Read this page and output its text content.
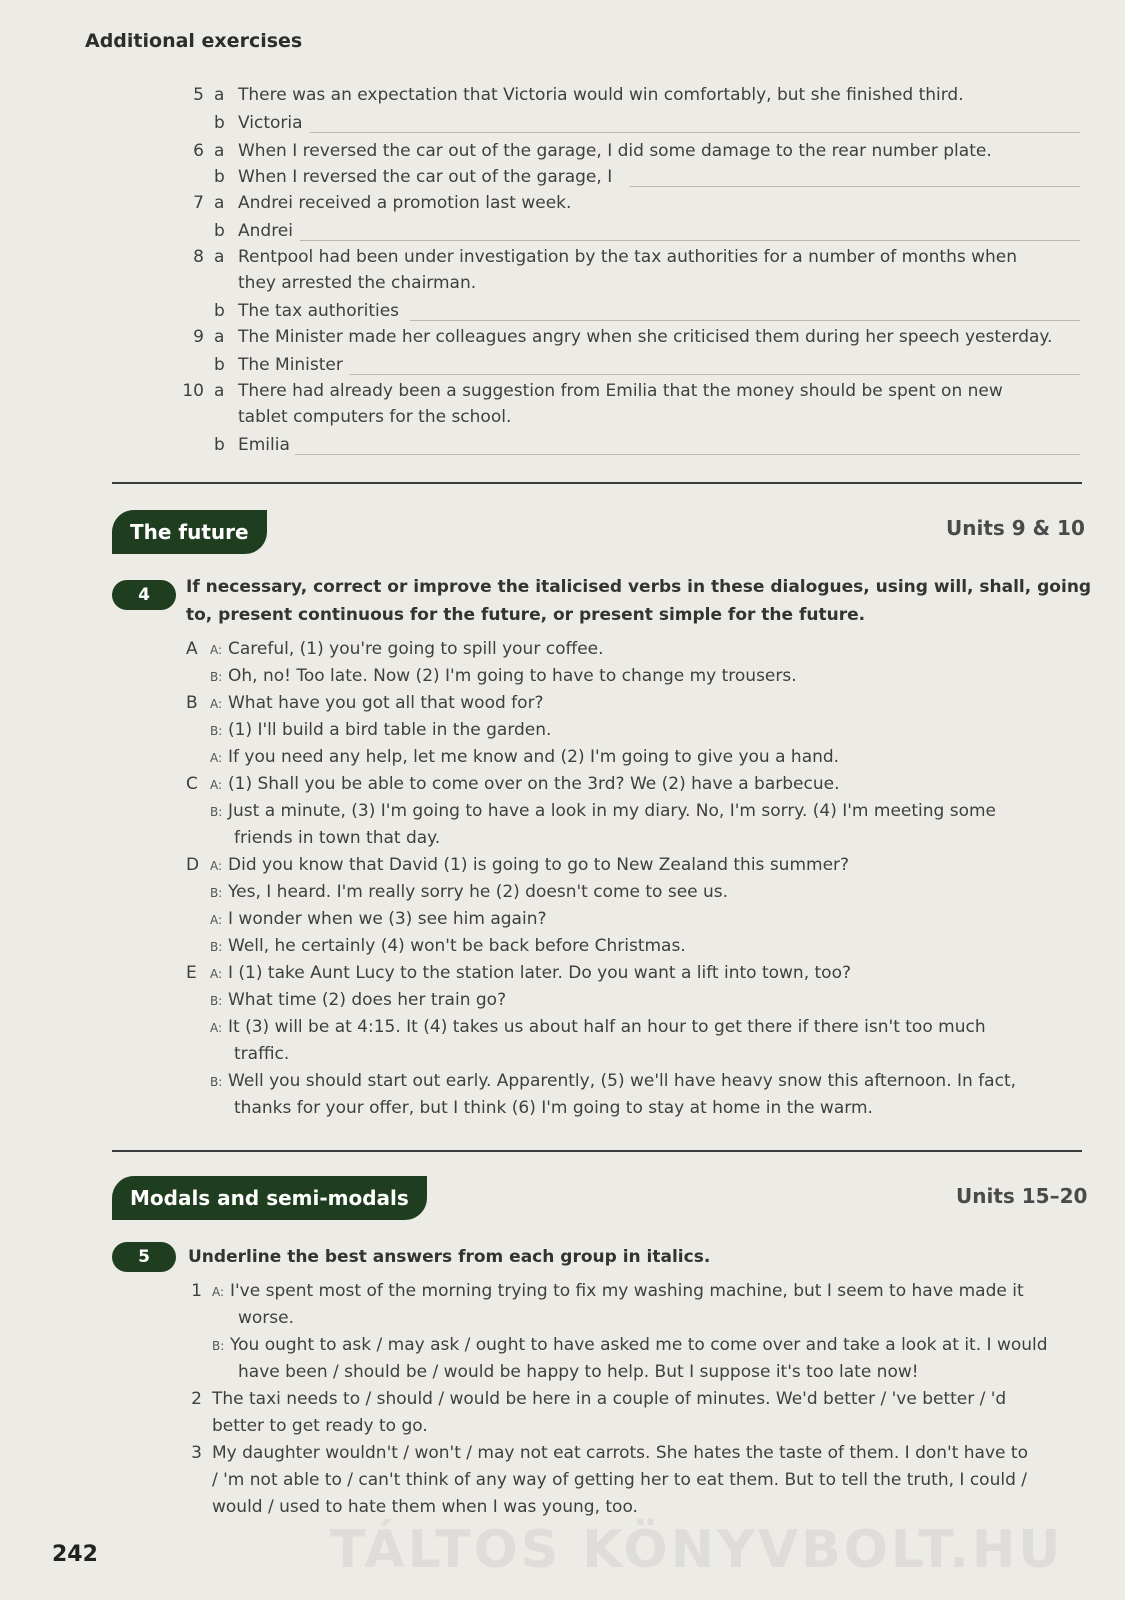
Additional exercises
5 a There was an expectation that Victoria would win comfortably, but she finished third.
b Victoria
6 a When I reversed the car out of the garage, I did some damage to the rear number plate.
b When I reversed the car out of the garage, I
7 a Andrei received a promotion last week.
b Andrei
8 a Rentpool had been under investigation by the tax authorities for a number of months when
they arrested the chairman.
b The tax authorities
9 a The Minister made her colleagues angry when she criticised them during her speech yesterday.
b The Minister
10 a There had already been a suggestion from Emilia that the money should be spent on new
tablet computers for the school.
b Emilia
The future	Units 9 & 10
4	If necessary, correct or improve the italicised verbs in these dialogues, using will, shall, going
to, present continuous for the future, or present simple for the future.
A A: Careful, (1) you're going to spill your coffee.
B: Oh, no! Too late. Now (2) I'm going to have to change my trousers.
B A: What have you got all that wood for?
B: (1) I'll build a bird table in the garden.
A: If you need any help, let me know and (2) I'm going to give you a hand.
C A: (1) Shall you be able to come over on the 3rd? We (2) have a barbecue.
B: Just a minute, (3) I'm going to have a look in my diary. No, I'm sorry. (4) I'm meeting some
friends in town that day.
D A: Did you know that David (1) is going to go to New Zealand this summer?
B: Yes, I heard. I'm really sorry he (2) doesn't come to see us.
A: I wonder when we (3) see him again?
B: Well, he certainly (4) won't be back before Christmas.
E A: I (1) take Aunt Lucy to the station later. Do you want a lift into town, too?
B: What time (2) does her train go?
A: It (3) will be at 4:15. It (4) takes us about half an hour to get there if there isn't too much
traffic.
B: Well you should start out early. Apparently, (5) we'll have heavy snow this afternoon. In fact,
thanks for your offer, but I think (6) I'm going to stay at home in the warm.
Modals and semi-modals	Units 15–20
5	Underline the best answers from each group in italics.
1 A: I've spent most of the morning trying to fix my washing machine, but I seem to have made it
worse.
B: You ought to ask / may ask / ought to have asked me to come over and take a look at it. I would
have been / should be / would be happy to help. But I suppose it's too late now!
2 The taxi needs to / should / would be here in a couple of minutes. We'd better / 've better / 'd
better to get ready to go.
3 My daughter wouldn't / won't / may not eat carrots. She hates the taste of them. I don't have to
/ 'm not able to / can't think of any way of getting her to eat them. But to tell the truth, I could /
would / used to hate them when I was young, too.
TÁLTOS KÖNYVBOLT.HU
242
